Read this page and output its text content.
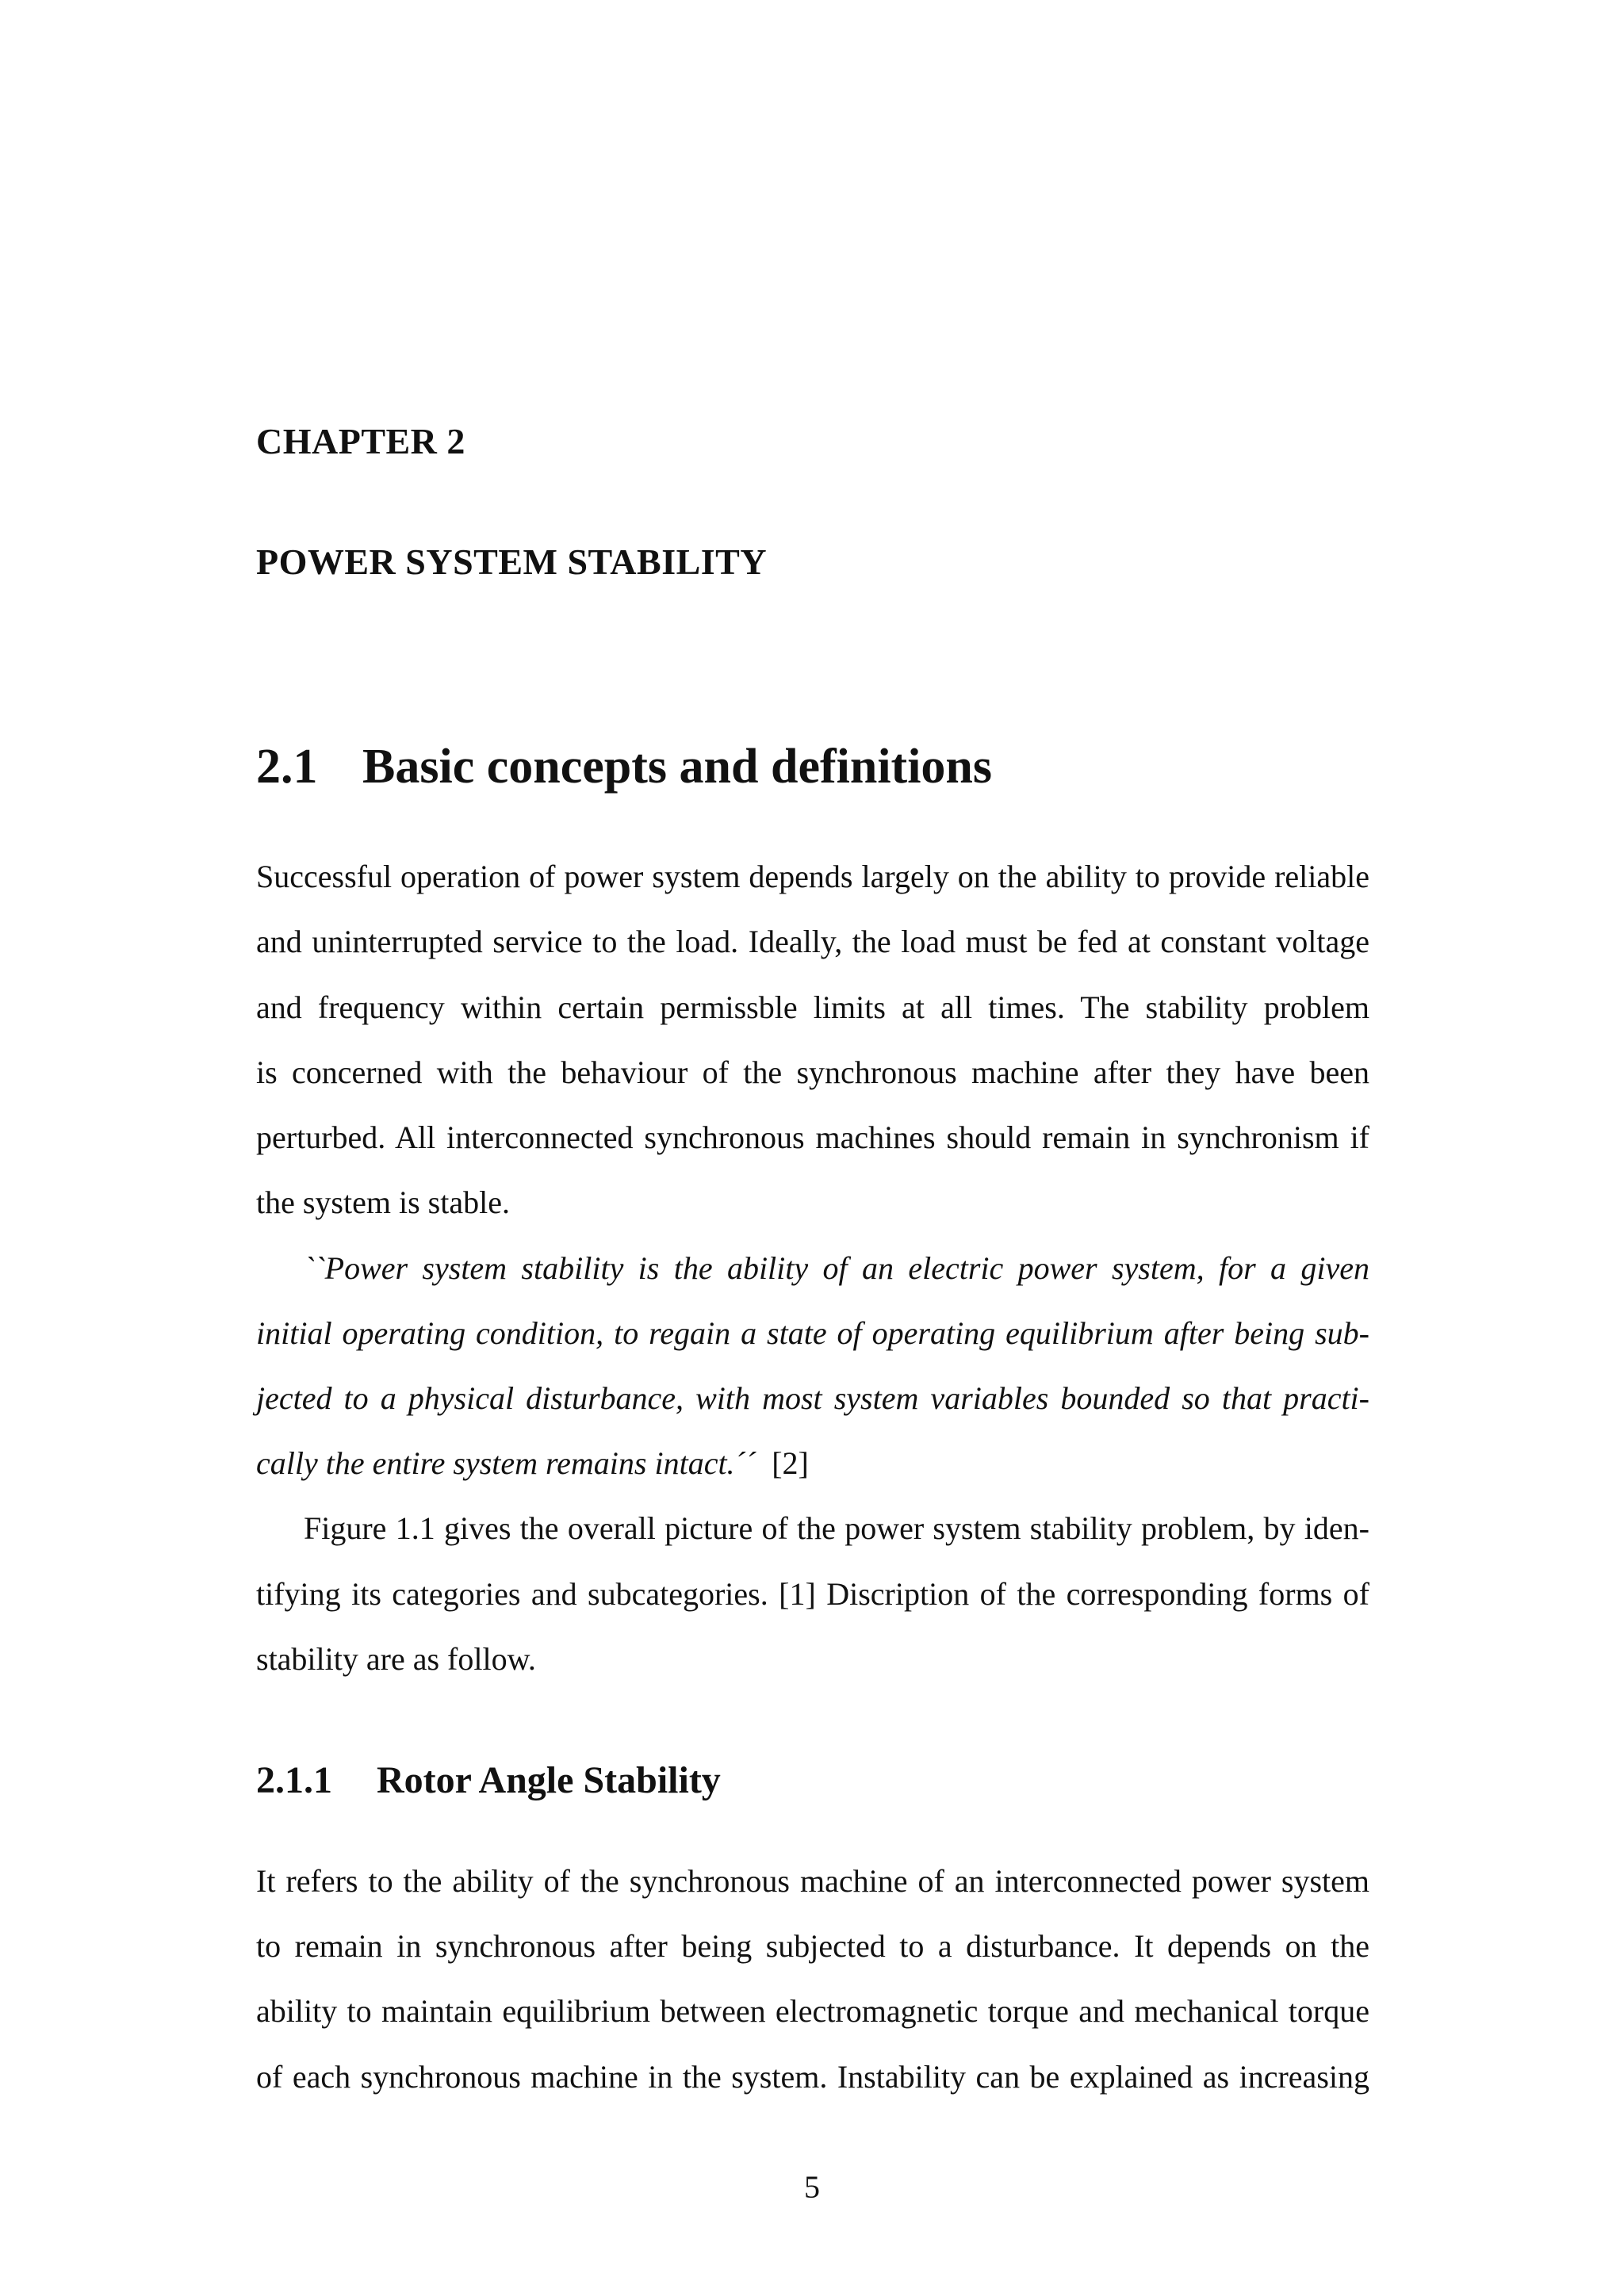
CHAPTER 2
POWER SYSTEM STABILITY
2.1 Basic concepts and definitions
Successful operation of power system depends largely on the ability to provide reliable
and uninterrupted service to the load. Ideally, the load must be fed at constant voltage
and frequency within certain permissble limits at all times. The stability problem
is concerned with the behaviour of the synchronous machine after they have been
perturbed. All interconnected synchronous machines should remain in synchronism if
the system is stable.
``Power system stability is the ability of an electric power system, for a given
initial operating condition, to regain a state of operating equilibrium after being sub-
jected to a physical disturbance, with most system variables bounded so that practi-
cally the entire system remains intact.´´ [2]
Figure 1.1 gives the overall picture of the power system stability problem, by iden-
tifying its categories and subcategories. [1] Discription of the corresponding forms of
stability are as follow.
2.1.1 Rotor Angle Stability
It refers to the ability of the synchronous machine of an interconnected power system
to remain in synchronous after being subjected to a disturbance. It depends on the
ability to maintain equilibrium between electromagnetic torque and mechanical torque
of each synchronous machine in the system. Instability can be explained as increasing
5
